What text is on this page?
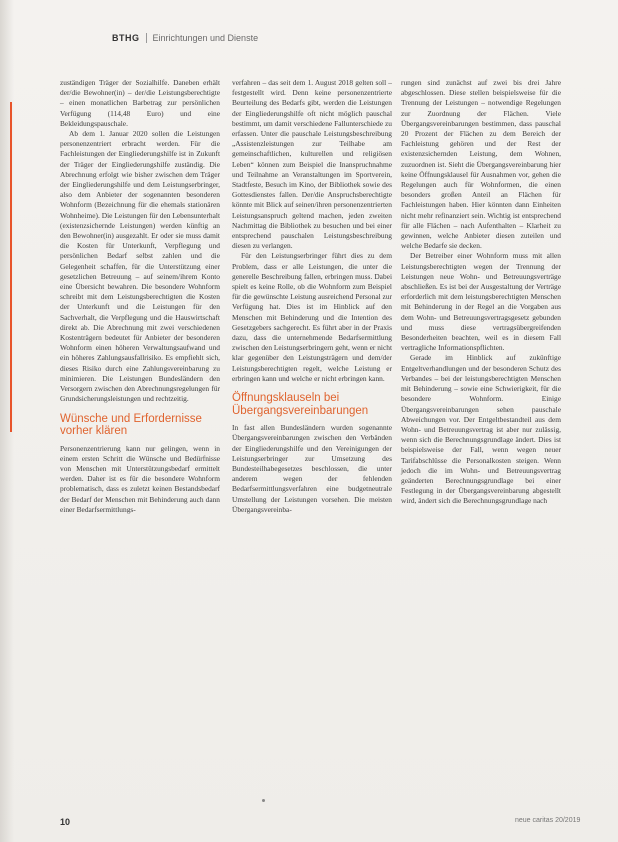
BTHG Einrichtungen und Dienste

zuständigen Träger der Sozialhilfe. Daneben erhält der/die Bewohner(in) – der/die Leistungsberechtigte – einen monatlichen Barbetrag zur persönlichen Verfügung (114,48 Euro) und eine Bekleidungspauschale.

Ab dem 1. Januar 2020 sollen die Leistungen personenzentriert erbracht werden. Für die Fachleistungen der Eingliederungshilfe ist in Zukunft der Träger der Eingliederungshilfe zuständig. Die Abrechnung erfolgt wie bisher zwischen dem Träger der Eingliederungshilfe und dem Leistungserbringer, also dem Anbieter der sogenannten besonderen Wohnform (Bezeichnung für die ehemals stationären Wohnheime). Die Leistungen für den Lebensunterhalt (existenzsichernde Leistungen) werden künftig an den Bewohner(in) ausgezahlt. Er oder sie muss damit die Kosten für Unterkunft, Verpflegung und persönlichen Bedarf selbst zahlen und die Gelegenheit schaffen, für die Unterstützung einer gesetzlichen Betreuung – auf seinem/ihrem Konto eine Übersicht bewahren. Die besondere Wohnform schreibt mit dem Leistungsberechtigten die Kosten der Unterkunft und die Leistungen für den Sachverhalt, die Verpflegung und die Hauswirtschaft direkt ab. Die Abrechnung mit zwei verschiedenen Kostenträgern bedeutet für Anbieter der besonderen Wohnform einen höheren Verwaltungsaufwand und ein höheres Zahlungsausfallrisiko. Es empfiehlt sich, dieses Risiko durch eine Zahlungsvereinbarung zu minimieren. Die Leistungen Bundesländern den Versorgern zwischen den Abrechnungsregelungen für Grundsicherungsleistungen und rechtzeitig.

Wünsche und Erfordernisse vorher klären

Personenzentrierung kann nur gelingen, wenn in einem ersten Schritt die Wünsche und Bedürfnisse von Menschen mit Unterstützungsbedarf ermittelt werden. Daher ist es für die besondere Wohnform problematisch, dass es zuletzt keinen Bestandsbedarf der Bedarf der Menschen mit Behinderung auch dann einer Bedarfsermittlungs-

verfahren – das seit dem 1. August 2018 gelten soll – festgestellt wird. Denn keine personenzentrierte Beurteilung des Bedarfs gibt, werden die Leistungen der Eingliederungshilfe oft nicht möglich pauschal bestimmt, um damit verschiedene Fallunterschiede zu erfassen. Unter die pauschale Leistungsbeschreibung „Assistenzleistungen zur Teilhabe am gemeinschaftlichen, kulturellen und religiösen Leben“ können zum Beispiel die Inanspruchnahme und Teilnahme an Veranstaltungen im Sportverein, Stadtfeste, Besuch im Kino, der Bibliothek sowie des Gottesdienstes fallen. Der/die Anspruchsberechtigte könnte mit Blick auf seinen/ihren personenzentrierten Leistungsanspruch geltend machen, jeden zweiten Nachmittag die Bibliothek zu besuchen und bei einer entsprechend pauschalen Leistungsbeschreibung diesen zu verlangen.

Für den Leistungserbringer führt dies zu dem Problem, dass er alle Leistungen, die unter die generelle Beschreibung fallen, erbringen muss. Dabei spielt es keine Rolle, ob die Wohnform zum Beispiel für die gewünschte Leistung ausreichend Personal zur Verfügung hat. Dies ist im Hinblick auf den Menschen mit Behinderung und die Intention des Gesetzgebers sachgerecht. Es führt aber in der Praxis dazu, dass die unternehmende Bedarfsermittlung zwischen den Leistungserbringern geht, wenn er nicht klar gegenüber den Leistungsträgern und dem/der Leistungsberechtigten regelt, welche Leistung er erbringen kann und welche er nicht erbringen kann.

Öffnungsklauseln bei Übergangsvereinbarungen

In fast allen Bundesländern wurden sogenannte Übergangsvereinbarungen zwischen den Verbänden der Eingliederungshilfe und den Vereinigungen der Leistungserbringer zur Umsetzung des Bundesteilhabegesetzes beschlossen, die unter anderem wegen der fehlenden Bedarfsermittlungsverfahren eine budgetneutrale Umstellung der Leistungen vorsehen. Die meisten Übergangsvereinba-

rungen sind zunächst auf zwei bis drei Jahre abgeschlossen. Diese stellen beispielsweise für die Trennung der Leistungen – notwendige Regelungen zur Zuordnung der Flächen. Viele Übergangsvereinbarungen bestimmen, dass pauschal 20 Prozent der Flächen zu dem Bereich der Fachleistung gehören und der Rest der existenzsichernden Leistung, dem Wohnen, zuzuordnen ist. Sieht die Übergangsvereinbarung hier keine Öffnungsklausel für Ausnahmen vor, gehen die Regelungen auch für Wohnformen, die einen besonders großen Anteil an Flächen für Fachleistungen haben. Hier könnten dann Einheiten nicht mehr refinanziert sein. Wichtig ist entsprechend für alle Flächen – nach Aufenthalten – Klarheit zu gewinnen, welche Anbieter diesen zuteilen und welche Bedarfe sie decken.

Der Betreiber einer Wohnform muss mit allen Leistungsberechtigten wegen der Trennung der Leistungen neue Wohn- und Betreuungsverträge abschließen. Es ist bei der Ausgestaltung der Verträge erforderlich mit dem leistungsberechtigten Menschen mit Behinderung in der Regel an die Vorgaben aus dem Wohn- und Betreuungsvertragsgesetz gebunden und muss diese vertragsübergreifenden Besonderheiten beachten, weil es in diesem Fall vertragliche Informationspflichten.

Gerade im Hinblick auf zukünftige Entgeltverhandlungen und der besonderen Schutz des Verbandes – bei der leistungsberechtigten Menschen mit Behinderung – sowie eine Schwierigkeit, für die besondere Wohnform. Einige Übergangsvereinbarungen sehen pauschale Abweichungen vor. Der Entgeltbestandteil aus dem Wohn- und Betreuungsvertrag ist aber nur zulässig, wenn sich die Berechnungsgrundlage ändert. Dies ist beispielsweise der Fall, wenn wegen neuer Tarifabschlüsse die Personalkosten steigen. Wenn jedoch die im Wohn- und Betreuungsvertrag geänderten Berechnungsgrundlage bei einer Festlegung in der Übergangsvereinbarung abgestellt wird, ändert sich die Berechnungsgrundlage nach

10	neue caritas 20/2019
